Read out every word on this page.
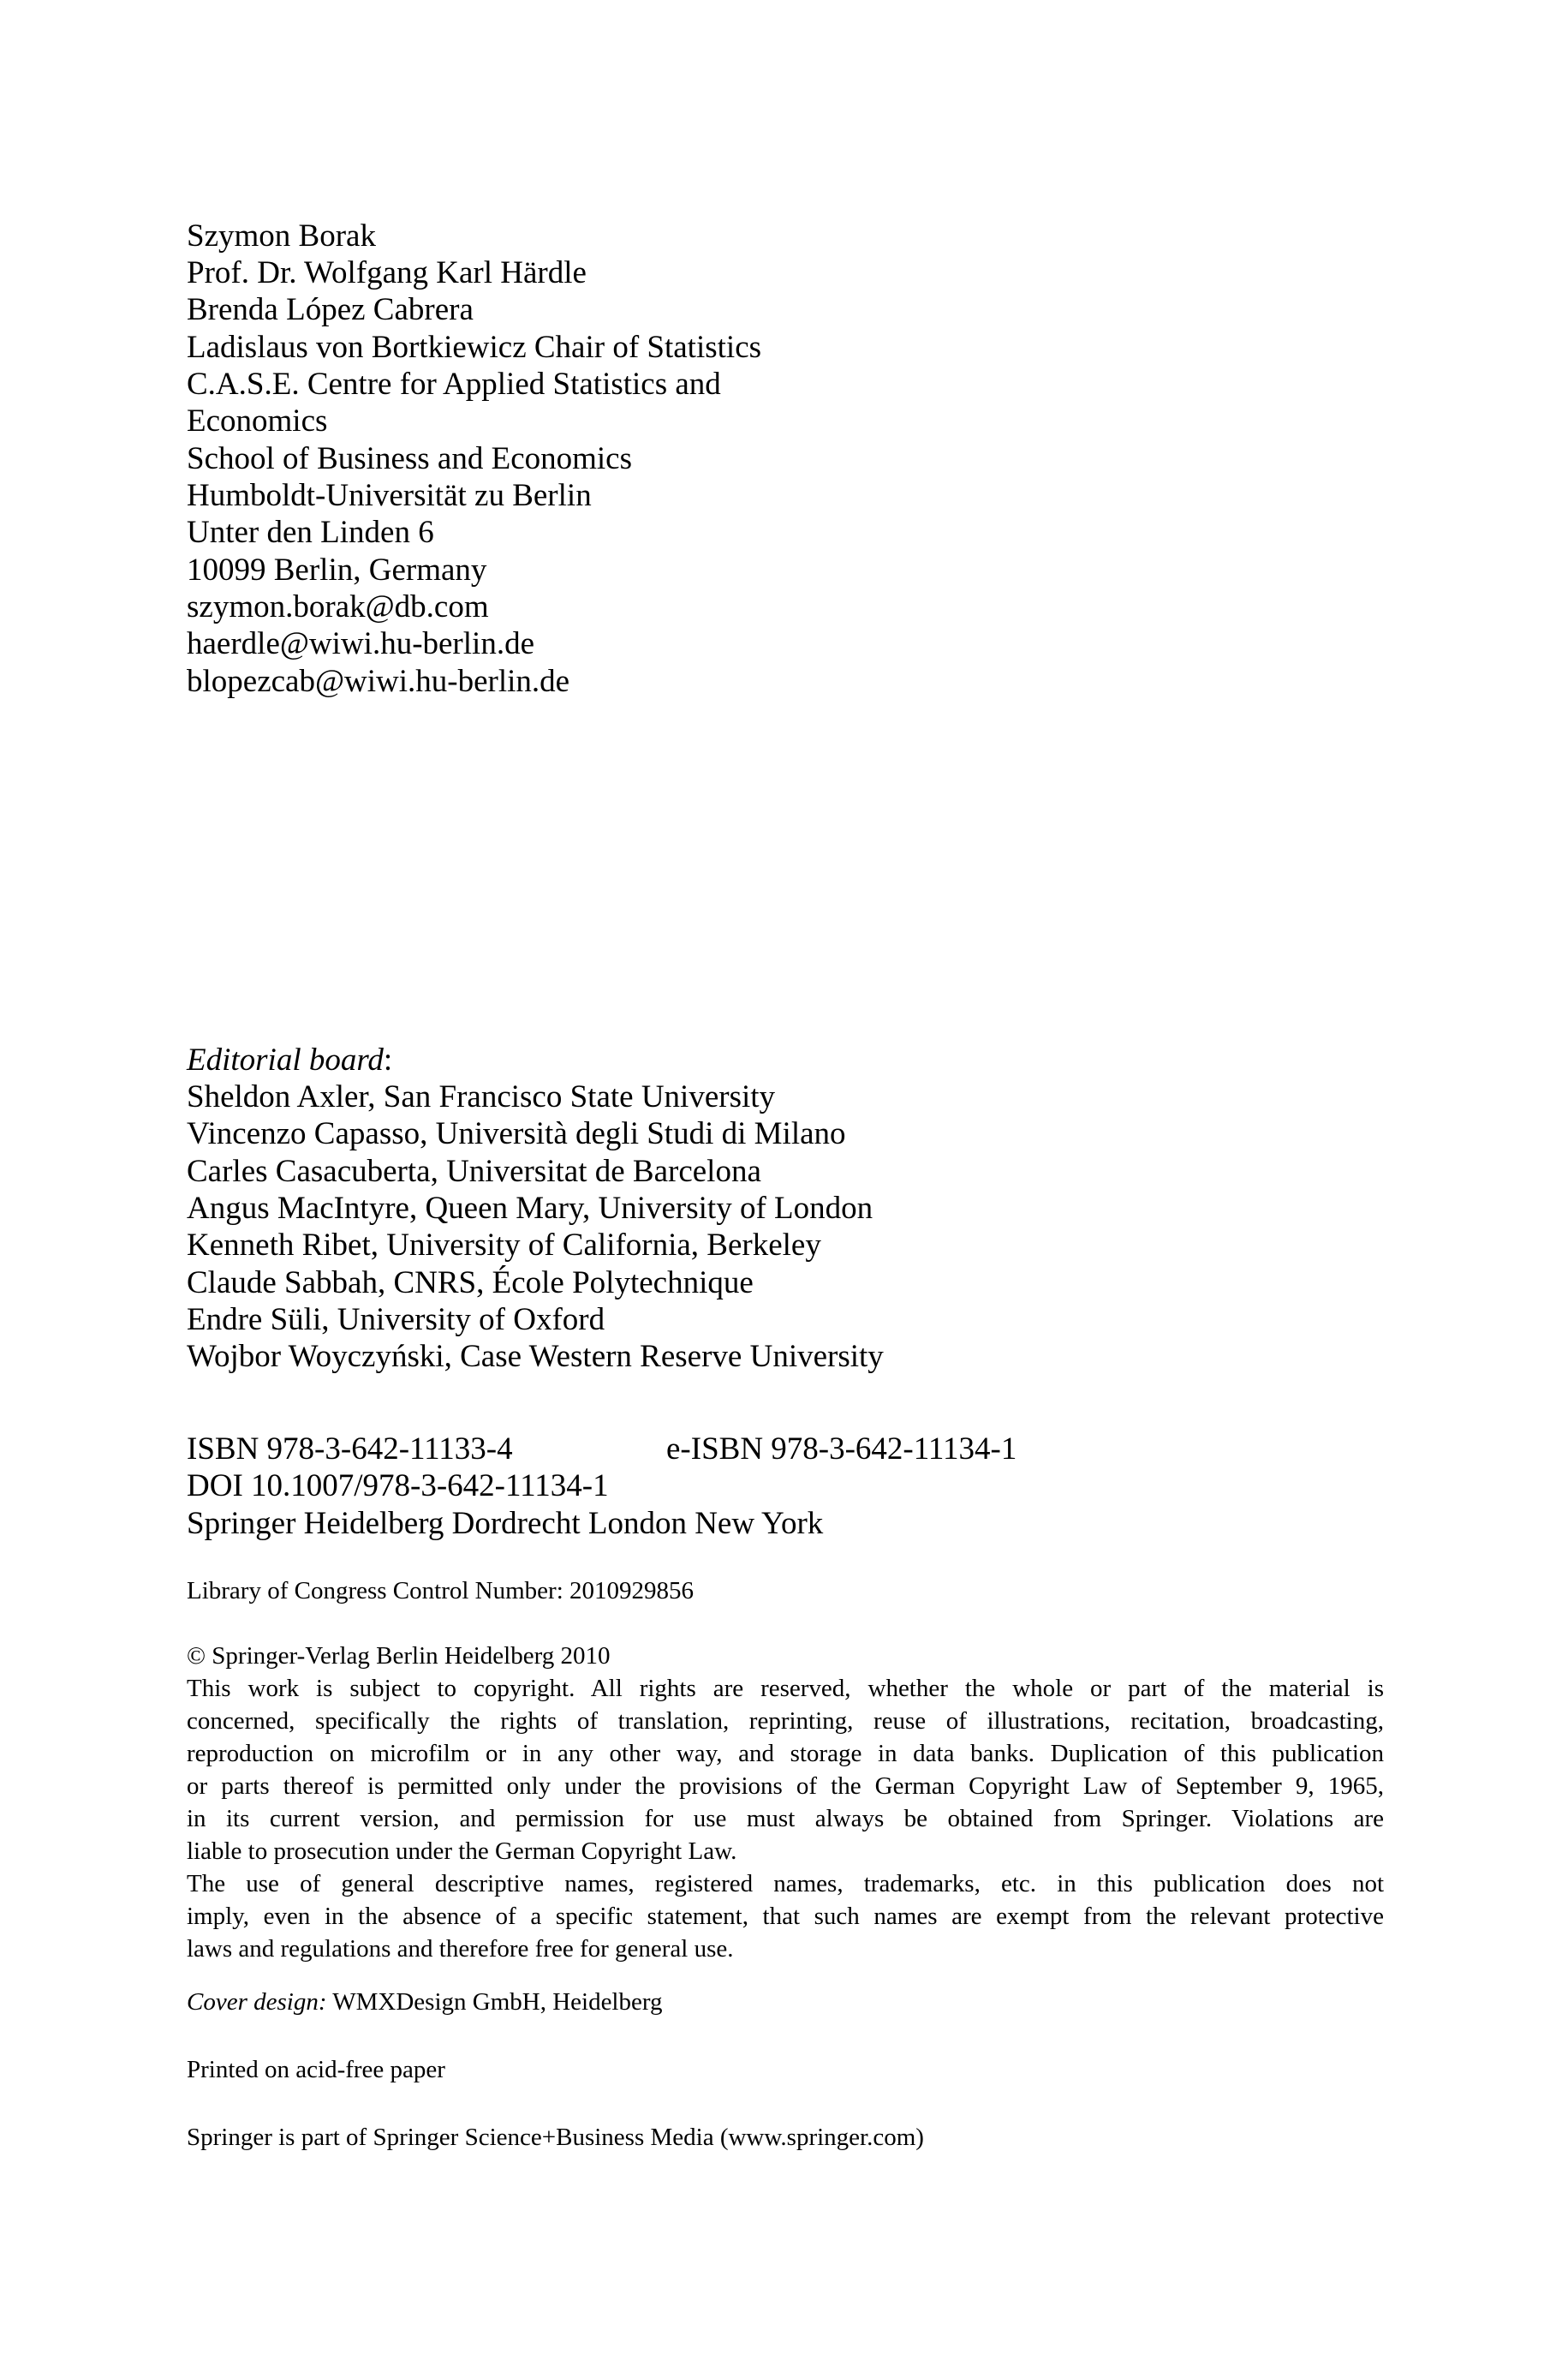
Szymon Borak
Prof. Dr. Wolfgang Karl Härdle
Brenda López Cabrera
Ladislaus von Bortkiewicz Chair of Statistics
C.A.S.E. Centre for Applied Statistics and
Economics
School of Business and Economics
Humboldt-Universität zu Berlin
Unter den Linden 6
10099 Berlin, Germany
szymon.borak@db.com
haerdle@wiwi.hu-berlin.de
blopezcab@wiwi.hu-berlin.de
Editorial board:
Sheldon Axler, San Francisco State University
Vincenzo Capasso, Università degli Studi di Milano
Carles Casacuberta, Universitat de Barcelona
Angus MacIntyre, Queen Mary, University of London
Kenneth Ribet, University of California, Berkeley
Claude Sabbah, CNRS, École Polytechnique
Endre Süli, University of Oxford
Wojbor Woyczyński, Case Western Reserve University
ISBN 978-3-642-11133-4	e-ISBN 978-3-642-11134-1
DOI 10.1007/978-3-642-11134-1
Springer Heidelberg Dordrecht London New York
Library of Congress Control Number: 2010929856
© Springer-Verlag Berlin Heidelberg 2010
This work is subject to copyright. All rights are reserved, whether the whole or part of the material is
concerned, specifically the rights of translation, reprinting, reuse of illustrations, recitation, broadcasting,
reproduction on microfilm or in any other way, and storage in data banks. Duplication of this publication
or parts thereof is permitted only under the provisions of the German Copyright Law of September 9, 1965,
in its current version, and permission for use must always be obtained from Springer. Violations are
liable to prosecution under the German Copyright Law.
The use of general descriptive names, registered names, trademarks, etc. in this publication does not
imply, even in the absence of a specific statement, that such names are exempt from the relevant protective
laws and regulations and therefore free for general use.
Cover design: WMXDesign GmbH, Heidelberg
Printed on acid-free paper
Springer is part of Springer Science+Business Media (www.springer.com)
